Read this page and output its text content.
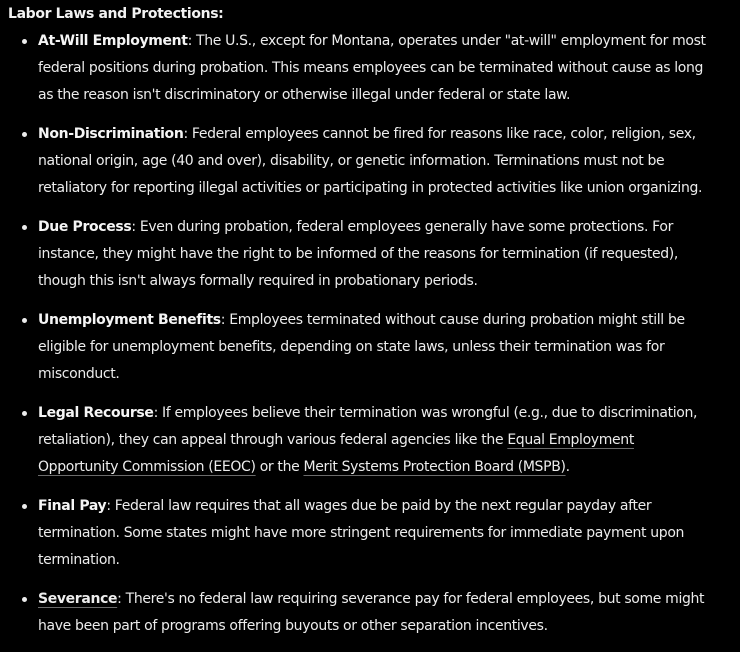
Labor Laws and Protections:
At-Will Employment: The U.S., except for Montana, operates under "at-will" employment for most federal positions during probation. This means employees can be terminated without cause as long as the reason isn't discriminatory or otherwise illegal under federal or state law.
Non-Discrimination: Federal employees cannot be fired for reasons like race, color, religion, sex, national origin, age (40 and over), disability, or genetic information. Terminations must not be retaliatory for reporting illegal activities or participating in protected activities like union organizing.
Due Process: Even during probation, federal employees generally have some protections. For instance, they might have the right to be informed of the reasons for termination (if requested), though this isn't always formally required in probationary periods.
Unemployment Benefits: Employees terminated without cause during probation might still be eligible for unemployment benefits, depending on state laws, unless their termination was for misconduct.
Legal Recourse: If employees believe their termination was wrongful (e.g., due to discrimination, retaliation), they can appeal through various federal agencies like the Equal Employment Opportunity Commission (EEOC) or the Merit Systems Protection Board (MSPB).
Final Pay: Federal law requires that all wages due be paid by the next regular payday after termination. Some states might have more stringent requirements for immediate payment upon termination.
Severance: There's no federal law requiring severance pay for federal employees, but some might have been part of programs offering buyouts or other separation incentives.
